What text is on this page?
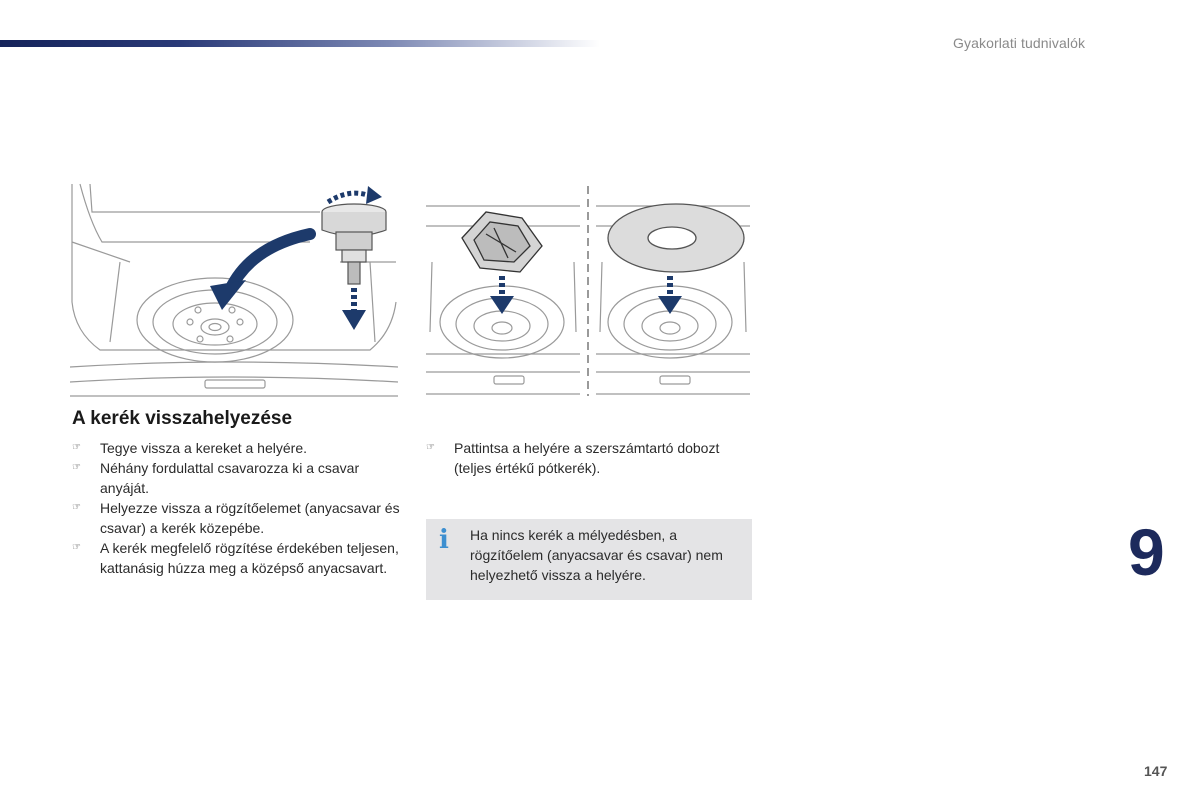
Gyakorlati tudnivalók
A kerék visszahelyezése
☞ Tegye vissza a kereket a helyére.
☞ Néhány fordulattal csavarozza ki a csavar anyáját.
☞ Helyezze vissza a rögzítőelemet (anyacsavar és csavar) a kerék közepébe.
☞ A kerék megfelelő rögzítése érdekében teljesen, kattanásig húzza meg a középső anyacsavart.
☞ Pattintsa a helyére a szerszámtartó dobozt (teljes értékű pótkerék).
i Ha nincs kerék a mélyedésben, a rögzítőelem (anyacsavar és csavar) nem helyezhető vissza a helyére.	9
147
